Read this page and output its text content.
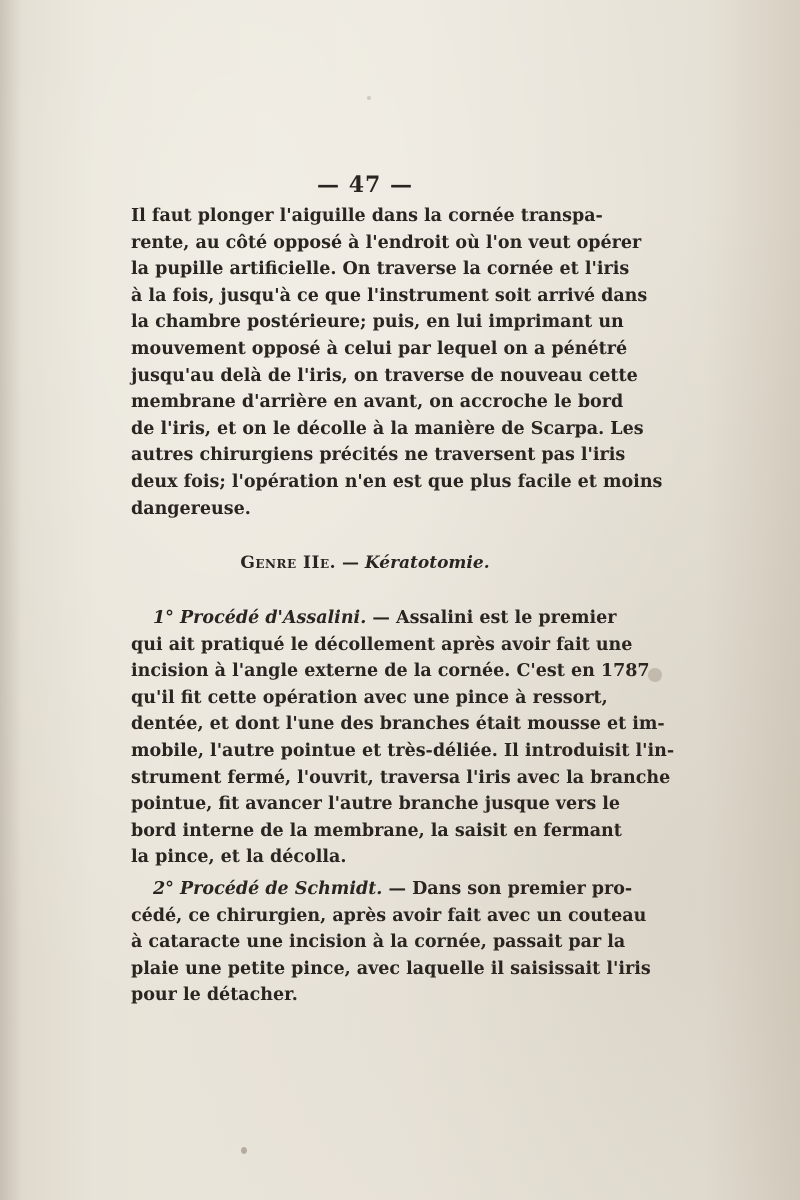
— 47 —
Il faut plonger l'aiguille dans la cornée transpa-
rente, au côté opposé à l'endroit où l'on veut opérer
la pupille artificielle. On traverse la cornée et l'iris
à la fois, jusqu'à ce que l'instrument soit arrivé dans
la chambre postérieure; puis, en lui imprimant un
mouvement opposé à celui par lequel on a pénétré
jusqu'au delà de l'iris, on traverse de nouveau cette
membrane d'arrière en avant, on accroche le bord
de l'iris, et on le décolle à la manière de Scarpa. Les
autres chirurgiens précités ne traversent pas l'iris
deux fois; l'opération n'en est que plus facile et moins
dangereuse.
Genre IIe. — Kératotomie.
1° Procédé d'Assalini. — Assalini est le premier
qui ait pratiqué le décollement après avoir fait une
incision à l'angle externe de la cornée. C'est en 1787
qu'il fit cette opération avec une pince à ressort,
dentée, et dont l'une des branches était mousse et im-
mobile, l'autre pointue et très-déliée. Il introduisit l'in-
strument fermé, l'ouvrit, traversa l'iris avec la branche
pointue, fit avancer l'autre branche jusque vers le
bord interne de la membrane, la saisit en fermant
la pince, et la décolla.
2° Procédé de Schmidt. — Dans son premier pro-
cédé, ce chirurgien, après avoir fait avec un couteau
à cataracte une incision à la cornée, passait par la
plaie une petite pince, avec laquelle il saisissait l'iris
pour le détacher.
